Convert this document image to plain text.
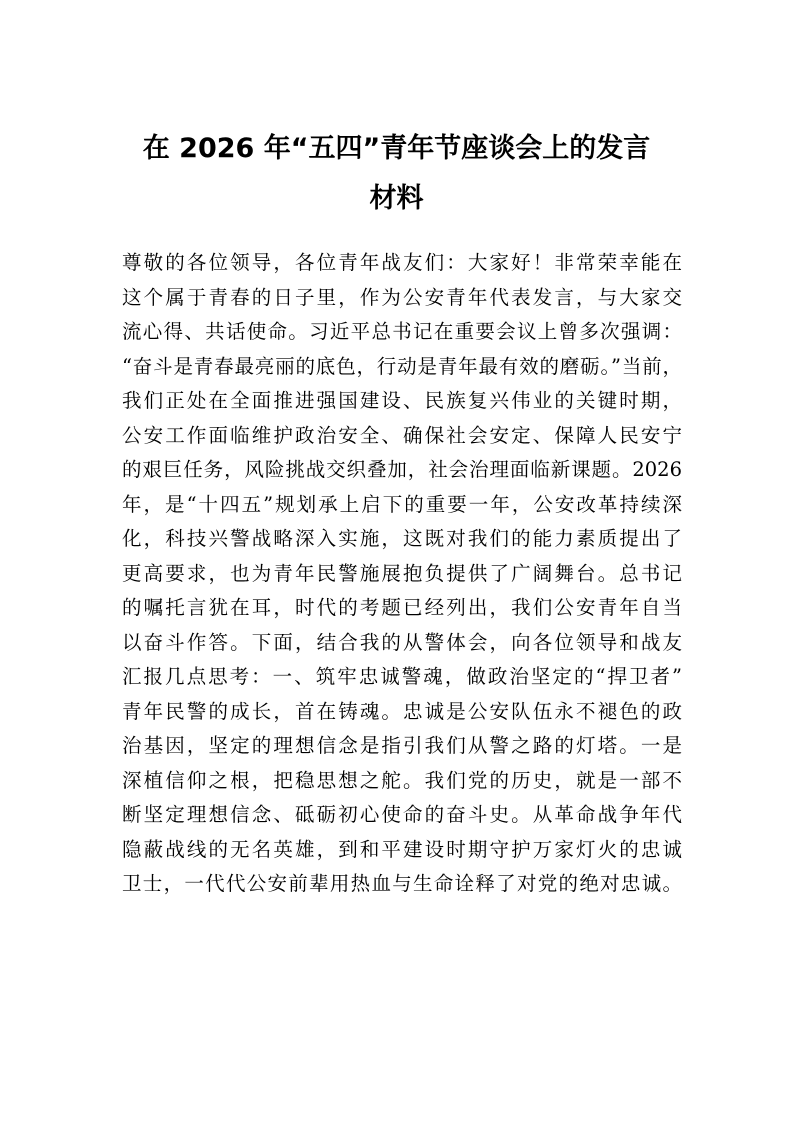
在 2026 年“五四”青年节座谈会上的发言
材料
尊敬的各位领导，各位青年战友们：大家好！非常荣幸能在
这个属于青春的日子里，作为公安青年代表发言，与大家交
流心得、共话使命。习近平总书记在重要会议上曾多次强调：
“奋斗是青春最亮丽的底色，行动是青年最有效的磨砺。”当前，
我们正处在全面推进强国建设、民族复兴伟业的关键时期，
公安工作面临维护政治安全、确保社会安定、保障人民安宁
的艰巨任务，风险挑战交织叠加，社会治理面临新课题。2026
年，是“十四五”规划承上启下的重要一年，公安改革持续深
化，科技兴警战略深入实施，这既对我们的能力素质提出了
更高要求，也为青年民警施展抱负提供了广阔舞台。总书记
的嘱托言犹在耳，时代的考题已经列出，我们公安青年自当
以奋斗作答。下面，结合我的从警体会，向各位领导和战友
汇报几点思考：一、筑牢忠诚警魂，做政治坚定的“捍卫者”
青年民警的成长，首在铸魂。忠诚是公安队伍永不褪色的政
治基因，坚定的理想信念是指引我们从警之路的灯塔。一是
深植信仰之根，把稳思想之舵。我们党的历史，就是一部不
断坚定理想信念、砥砺初心使命的奋斗史。从革命战争年代
隐蔽战线的无名英雄，到和平建设时期守护万家灯火的忠诚
卫士，一代代公安前辈用热血与生命诠释了对党的绝对忠诚。
